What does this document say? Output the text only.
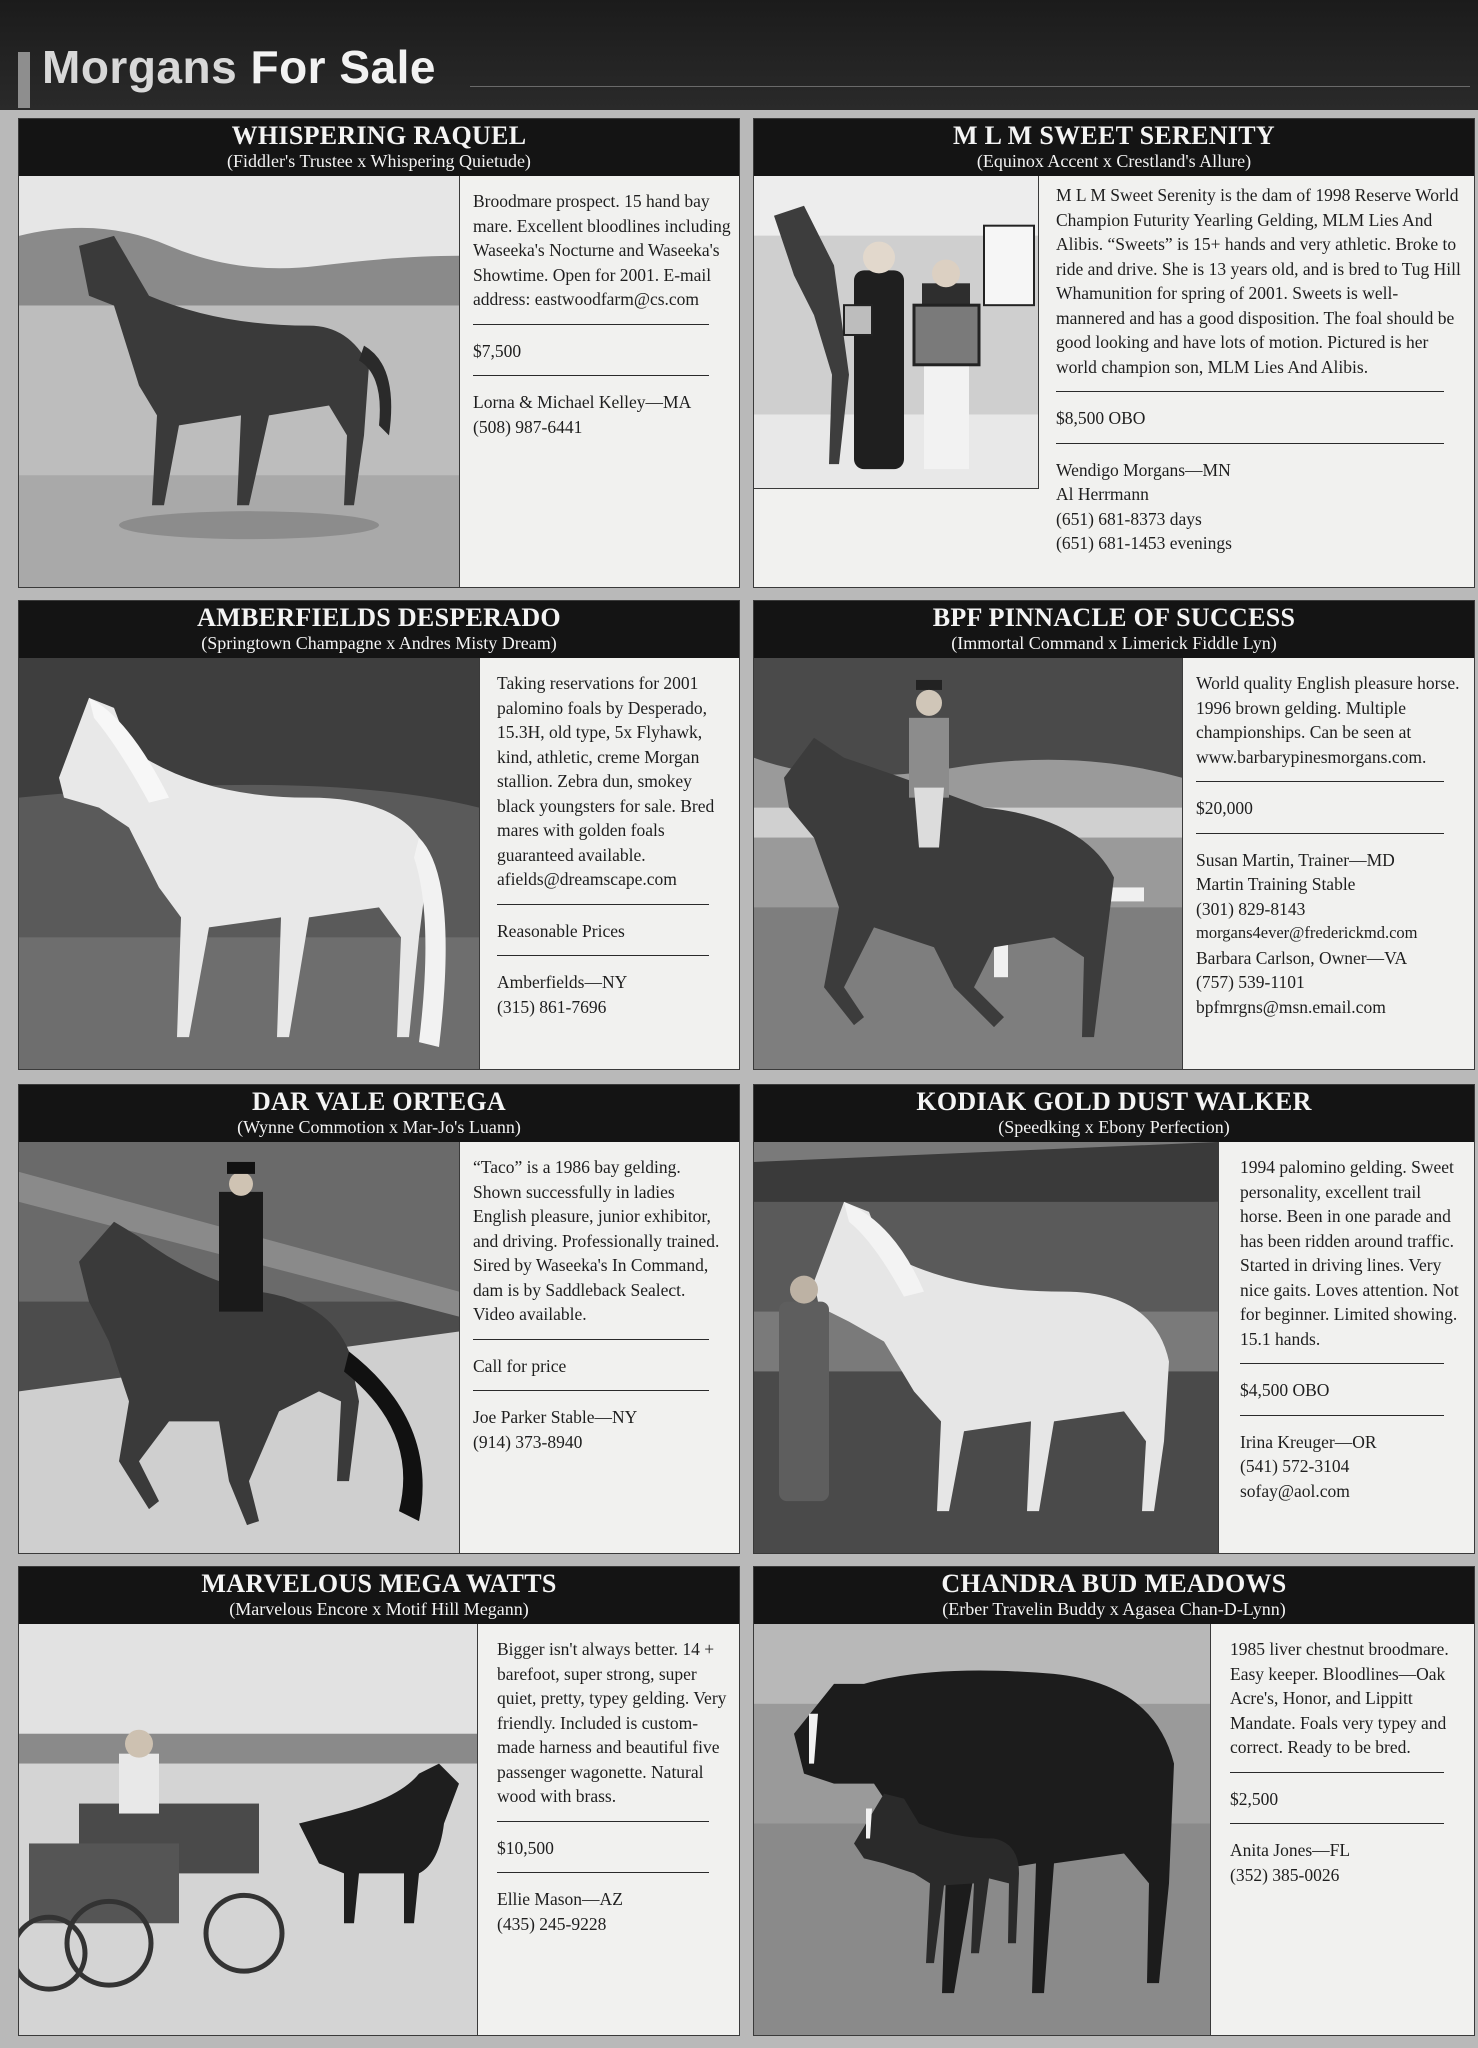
Morgans For Sale
WHISPERING RAQUEL
(Fiddler's Trustee x Whispering Quietude)

Broodmare prospect. 15 hand bay mare. Excellent bloodlines including Waseeka's Nocturne and Waseeka's Showtime. Open for 2001. E-mail address: eastwoodfarm@cs.com

$7,500

Lorna & Michael Kelley—MA

(508) 987-6441

M L M SWEET SERENITY
(Equinox Accent x Crestland's Allure)

M L M Sweet Serenity is the dam of 1998 Reserve World Champion Futurity Yearling Gelding, MLM Lies And Alibis. “Sweets” is 15+ hands and very athletic. Broke to ride and drive. She is 13 years old, and is bred to Tug Hill Whamunition for spring of 2001. Sweets is well-mannered and has a good disposition. The foal should be good looking and have lots of motion. Pictured is her world champion son, MLM Lies And Alibis.

$8,500 OBO

Wendigo Morgans—MN

Al Herrmann

(651) 681-8373 days

(651) 681-1453 evenings

AMBERFIELDS DESPERADO
(Springtown Champagne x Andres Misty Dream)

Taking reservations for 2001 palomino foals by Desperado, 15.3H, old type, 5x Flyhawk, kind, athletic, creme Morgan stallion. Zebra dun, smokey black youngsters for sale. Bred mares with golden foals guaranteed available. afields@dreamscape.com

Reasonable Prices

Amberfields—NY

(315) 861-7696

BPF PINNACLE OF SUCCESS
(Immortal Command x Limerick Fiddle Lyn)

World quality English pleasure horse. 1996 brown gelding. Multiple championships. Can be seen at www.barbarypinesmorgans.com.

$20,000

Susan Martin, Trainer—MD

Martin Training Stable

(301) 829-8143

morgans4ever@frederickmd.com

Barbara Carlson, Owner—VA

(757) 539-1101

bpfmrgns@msn.email.com

DAR VALE ORTEGA
(Wynne Commotion x Mar-Jo's Luann)

“Taco” is a 1986 bay gelding. Shown successfully in ladies English pleasure, junior exhibitor, and driving. Professionally trained. Sired by Waseeka's In Command, dam is by Saddleback Sealect. Video available.

Call for price

Joe Parker Stable—NY

(914) 373-8940

KODIAK GOLD DUST WALKER
(Speedking x Ebony Perfection)

1994 palomino gelding. Sweet personality, excellent trail horse. Been in one parade and has been ridden around traffic. Started in driving lines. Very nice gaits. Loves attention. Not for beginner. Limited showing. 15.1 hands.

$4,500 OBO

Irina Kreuger—OR

(541) 572-3104

sofay@aol.com

MARVELOUS MEGA WATTS
(Marvelous Encore x Motif Hill Megann)

Bigger isn't always better. 14 + barefoot, super strong, super quiet, pretty, typey gelding. Very friendly. Included is custom- made harness and beautiful five passenger wagonette. Natural wood with brass.

$10,500

Ellie Mason—AZ

(435) 245-9228

CHANDRA BUD MEADOWS
(Erber Travelin Buddy x Agasea Chan-D-Lynn)

1985 liver chestnut broodmare. Easy keeper. Bloodlines—Oak Acre's, Honor, and Lippitt Mandate. Foals very typey and correct. Ready to be bred.

$2,500

Anita Jones—FL

(352) 385-0026
